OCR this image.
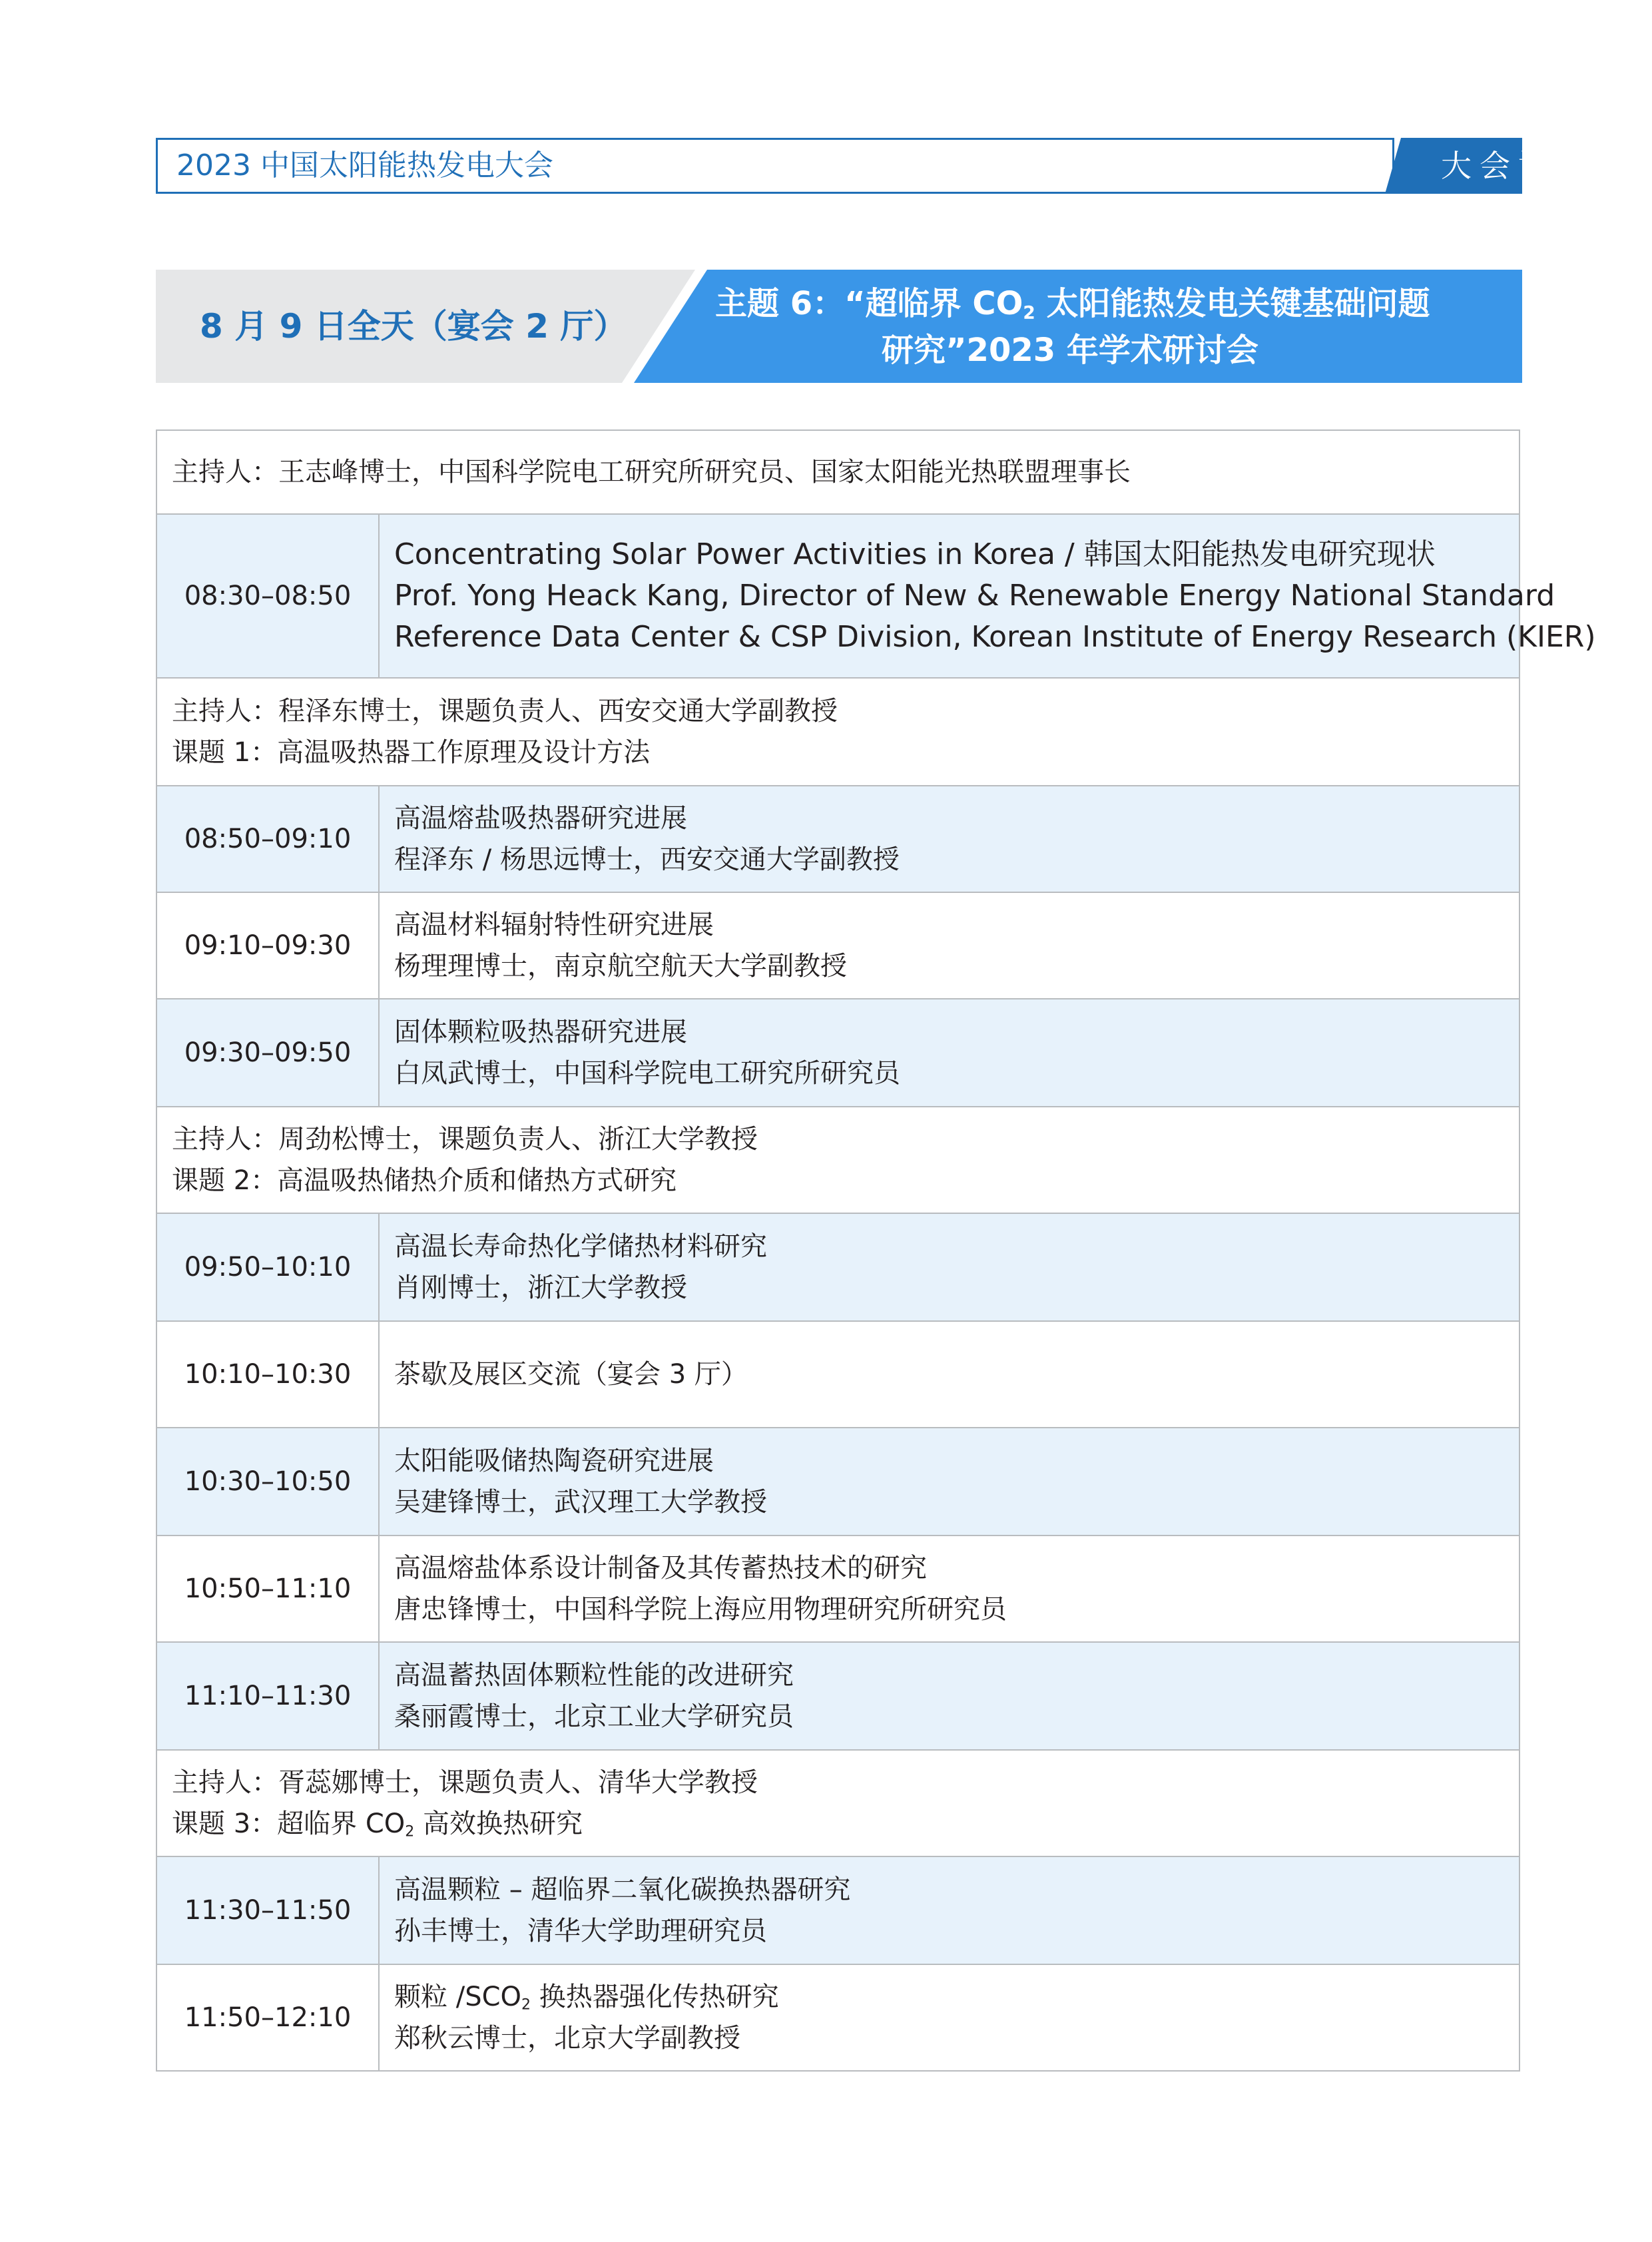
2023 中国太阳能热发电大会	大会议程
8 月 9 日全天（宴会 2 厅）
主题 6：“超临界 $CO_2$ 太阳能热发电关键基础问题
研究”2023 年学术研讨会
主持人：王志峰博士，中国科学院电工研究所研究员、国家太阳能光热联盟理事长
08:30–08:50
Concentrating Solar Power Activities in Korea / 韩国太阳能热发电研究现状
Prof. Yong Heack Kang, Director of New & Renewable Energy National Standard
Reference Data Center & CSP Division, Korean Institute of Energy Research (KIER)
主持人：程泽东博士，课题负责人、西安交通大学副教授
课题 1：高温吸热器工作原理及设计方法
08:50–09:10
高温熔盐吸热器研究进展
程泽东 / 杨思远博士，西安交通大学副教授
09:10–09:30
高温材料辐射特性研究进展
杨理理博士，南京航空航天大学副教授
09:30–09:50
固体颗粒吸热器研究进展
白凤武博士，中国科学院电工研究所研究员
主持人：周劲松博士，课题负责人、浙江大学教授
课题 2：高温吸热储热介质和储热方式研究
09:50–10:10
高温长寿命热化学储热材料研究
肖刚博士，浙江大学教授
10:10–10:30	茶歇及展区交流（宴会 3 厅）
10:30–10:50
太阳能吸储热陶瓷研究进展
吴建锋博士，武汉理工大学教授
10:50–11:10
高温熔盐体系设计制备及其传蓄热技术的研究
唐忠锋博士，中国科学院上海应用物理研究所研究员
11:10–11:30
高温蓄热固体颗粒性能的改进研究
桑丽霞博士，北京工业大学研究员
主持人：胥蕊娜博士，课题负责人、清华大学教授
课题 3：超临界 $CO_2$ 高效换热研究
11:30–11:50
高温颗粒 – 超临界二氧化碳换热器研究
孙丰博士，清华大学助理研究员
11:50–12:10
颗粒 $/SCO_2$ 换热器强化传热研究
郑秋云博士，北京大学副教授
